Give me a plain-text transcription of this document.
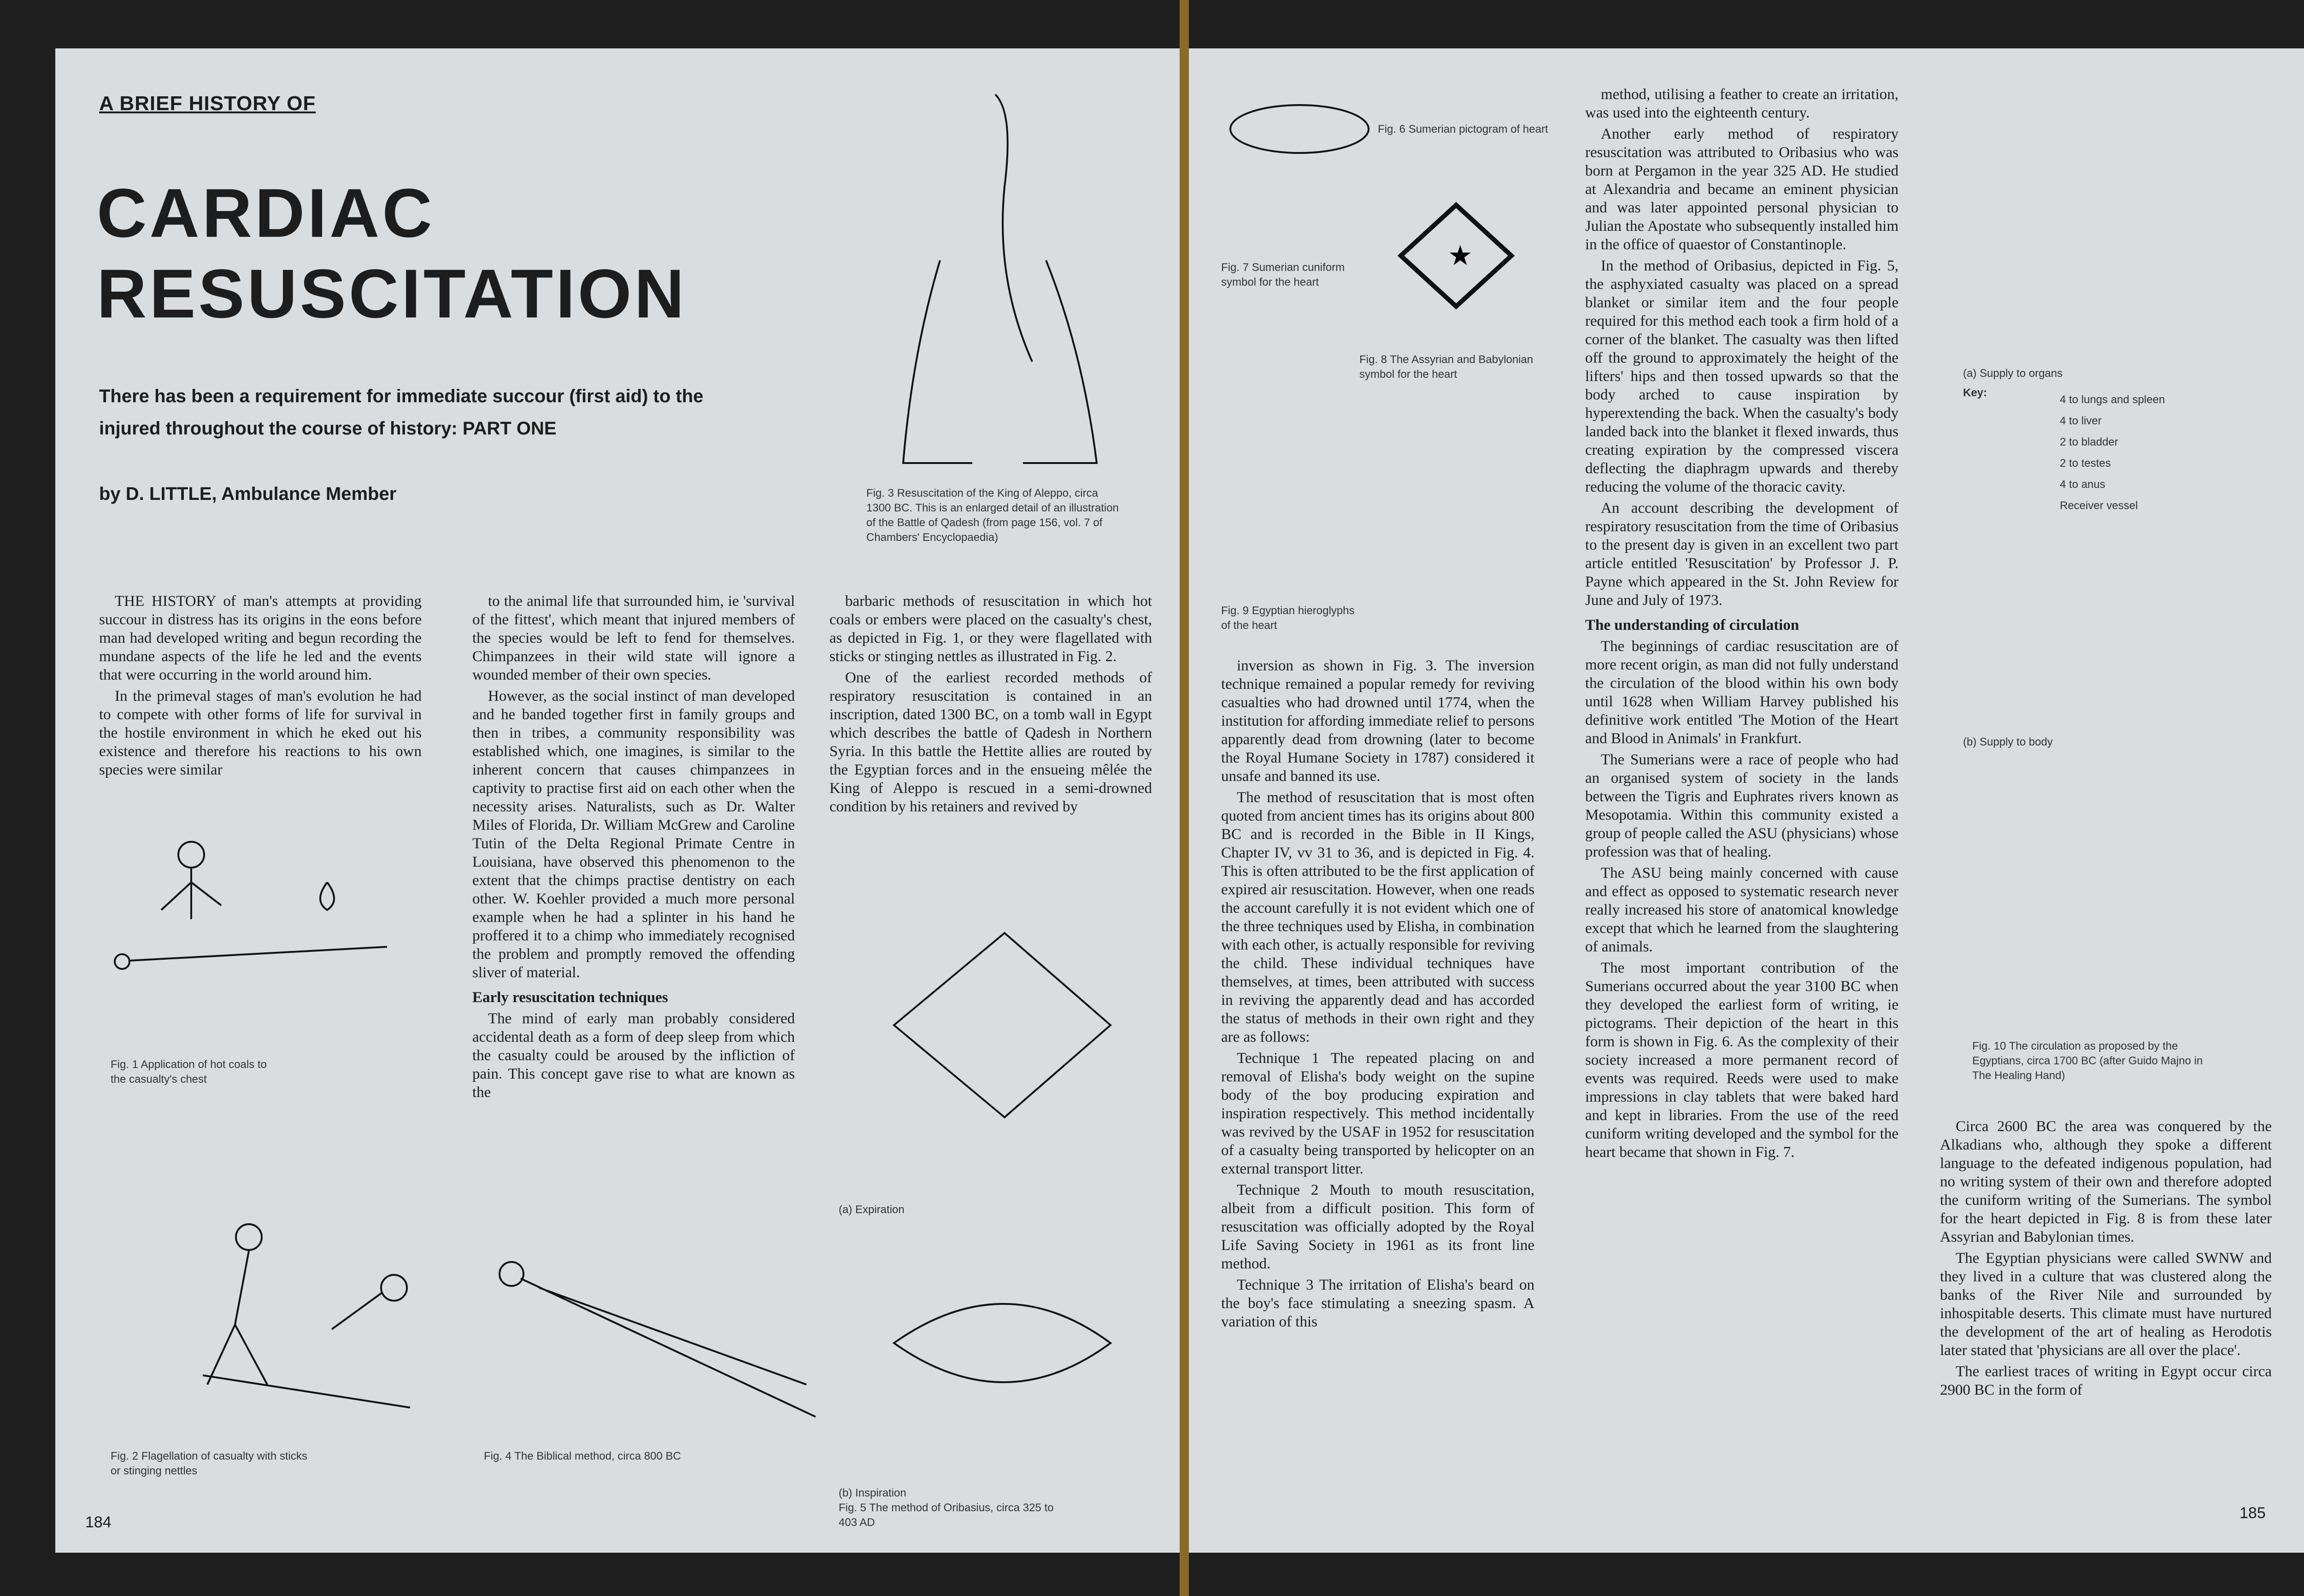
A BRIEF HISTORY OF
CARDIAC
RESUSCITATION
There has been a requirement for immediate succour (first aid) to the injured throughout the course of history: PART ONE
by D. LITTLE, Ambulance Member

THE HISTORY of man's attempts at providing succour in distress has its origins in the eons before man had developed writing and begun recording the mundane aspects of the life he led and the events that were occurring in the world around him.

In the primeval stages of man's evolution he had to compete with other forms of life for survival in the hostile environment in which he eked out his existence and therefore his reactions to his own species were similar

to the animal life that surrounded him, ie 'survival of the fittest', which meant that injured members of the species would be left to fend for themselves. Chimpanzees in their wild state will ignore a wounded member of their own species.

However, as the social instinct of man developed and he banded together first in family groups and then in tribes, a community responsibility was established which, one imagines, is similar to the inherent concern that causes chimpanzees in captivity to practise first aid on each other when the necessity arises. Naturalists, such as Dr. Walter Miles of Florida, Dr. William McGrew and Caroline Tutin of the Delta Regional Primate Centre in Louisiana, have observed this phenomenon to the extent that the chimps practise dentistry on each other. W. Koehler provided a much more personal example when he had a splinter in his hand he proffered it to a chimp who immediately recognised the problem and promptly removed the offending sliver of material.

Early resuscitation techniques

The mind of early man probably considered accidental death as a form of deep sleep from which the casualty could be aroused by the infliction of pain. This concept gave rise to what are known as the

barbaric methods of resuscitation in which hot coals or embers were placed on the casualty's chest, as depicted in Fig. 1, or they were flagellated with sticks or stinging nettles as illustrated in Fig. 2.

One of the earliest recorded methods of respiratory resuscitation is contained in an inscription, dated 1300 BC, on a tomb wall in Egypt which describes the battle of Qadesh in Northern Syria. In this battle the Hettite allies are routed by the Egyptian forces and in the ensueing mêlée the King of Aleppo is rescued in a semi-drowned condition by his retainers and revived by

Fig. 1 Application of hot coals to the casualty's chest
Fig. 2 Flagellation of casualty with sticks or stinging nettles
Fig. 4 The Biblical method, circa 800 BC
Fig. 3 Resuscitation of the King of Aleppo, circa 1300 BC. This is an enlarged detail of an illustration of the Battle of Qadesh (from page 156, vol. 7 of Chambers' Encyclopaedia)
(a) Expiration
(b) Inspiration
Fig. 5 The method of Oribasius, circa 325 to 403 AD
184
Fig. 6 Sumerian pictogram of heart
Fig. 7 Sumerian cuniform symbol for the heart
★
Fig. 8 The Assyrian and Babylonian symbol for the heart
Fig. 9 Egyptian hieroglyphs of the heart

inversion as shown in Fig. 3. The inversion technique remained a popular remedy for reviving casualties who had drowned until 1774, when the institution for affording immediate relief to persons apparently dead from drowning (later to become the Royal Humane Society in 1787) considered it unsafe and banned its use.

The method of resuscitation that is most often quoted from ancient times has its origins about 800 BC and is recorded in the Bible in II Kings, Chapter IV, vv 31 to 36, and is depicted in Fig. 4. This is often attributed to be the first application of expired air resuscitation. However, when one reads the account carefully it is not evident which one of the three techniques used by Elisha, in combination with each other, is actually responsible for reviving the child. These individual techniques have themselves, at times, been attributed with success in reviving the apparently dead and has accorded the status of methods in their own right and they are as follows:

Technique 1 The repeated placing on and removal of Elisha's body weight on the supine body of the boy producing expiration and inspiration respectively. This method incidentally was revived by the USAF in 1952 for resuscitation of a casualty being transported by helicopter on an external transport litter.

Technique 2 Mouth to mouth resuscitation, albeit from a difficult position. This form of resuscitation was officially adopted by the Royal Life Saving Society in 1961 as its front line method.

Technique 3 The irritation of Elisha's beard on the boy's face stimulating a sneezing spasm. A variation of this

method, utilising a feather to create an irritation, was used into the eighteenth century.

Another early method of respiratory resuscitation was attributed to Oribasius who was born at Pergamon in the year 325 AD. He studied at Alexandria and became an eminent physician and was later appointed personal physician to Julian the Apostate who subsequently installed him in the office of quaestor of Constantinople.

In the method of Oribasius, depicted in Fig. 5, the asphyxiated casualty was placed on a spread blanket or similar item and the four people required for this method each took a firm hold of a corner of the blanket. The casualty was then lifted off the ground to approximately the height of the lifters' hips and then tossed upwards so that the body arched to cause inspiration by hyperextending the back. When the casualty's body landed back into the blanket it flexed inwards, thus creating expiration by the compressed viscera deflecting the diaphragm upwards and thereby reducing the volume of the thoracic cavity.

An account describing the development of respiratory resuscitation from the time of Oribasius to the present day is given in an excellent two part article entitled 'Resuscitation' by Professor J. P. Payne which appeared in the St. John Review for June and July of 1973.

The understanding of circulation

The beginnings of cardiac resuscitation are of more recent origin, as man did not fully understand the circulation of the blood within his own body until 1628 when William Harvey published his definitive work entitled 'The Motion of the Heart and Blood in Animals' in Frankfurt.

The Sumerians were a race of people who had an organised system of society in the lands between the Tigris and Euphrates rivers known as Mesopotamia. Within this community existed a group of people called the ASU (physicians) whose profession was that of healing.

The ASU being mainly concerned with cause and effect as opposed to systematic research never really increased his store of anatomical knowledge except that which he learned from the slaughtering of animals.

The most important contribution of the Sumerians occurred about the year 3100 BC when they developed the earliest form of writing, ie pictograms. Their depiction of the heart in this form is shown in Fig. 6. As the complexity of their society increased a more permanent record of events was required. Reeds were used to make impressions in clay tablets that were baked hard and kept in libraries. From the use of the reed cuniform writing developed and the symbol for the heart became that shown in Fig. 7.

Circa 2600 BC the area was conquered by the Alkadians who, although they spoke a different language to the defeated indigenous population, had no writing system of their own and therefore adopted the cuniform writing of the Sumerians. The symbol for the heart depicted in Fig. 8 is from these later Assyrian and Babylonian times.

The Egyptian physicians were called SWNW and they lived in a culture that was clustered along the banks of the River Nile and surrounded by inhospitable deserts. This climate must have nurtured the development of the art of healing as Herodotis later stated that 'physicians are all over the place'.

The earliest traces of writing in Egypt occur circa 2900 BC in the form of

(a) Supply to organs
Key:
4 to lungs and spleen
4 to liver
2 to bladder
2 to testes
4 to anus
Receiver vessel
(b) Supply to body
Fig. 10 The circulation as proposed by the Egyptians, circa 1700 BC (after Guido Majno in The Healing Hand)
185
